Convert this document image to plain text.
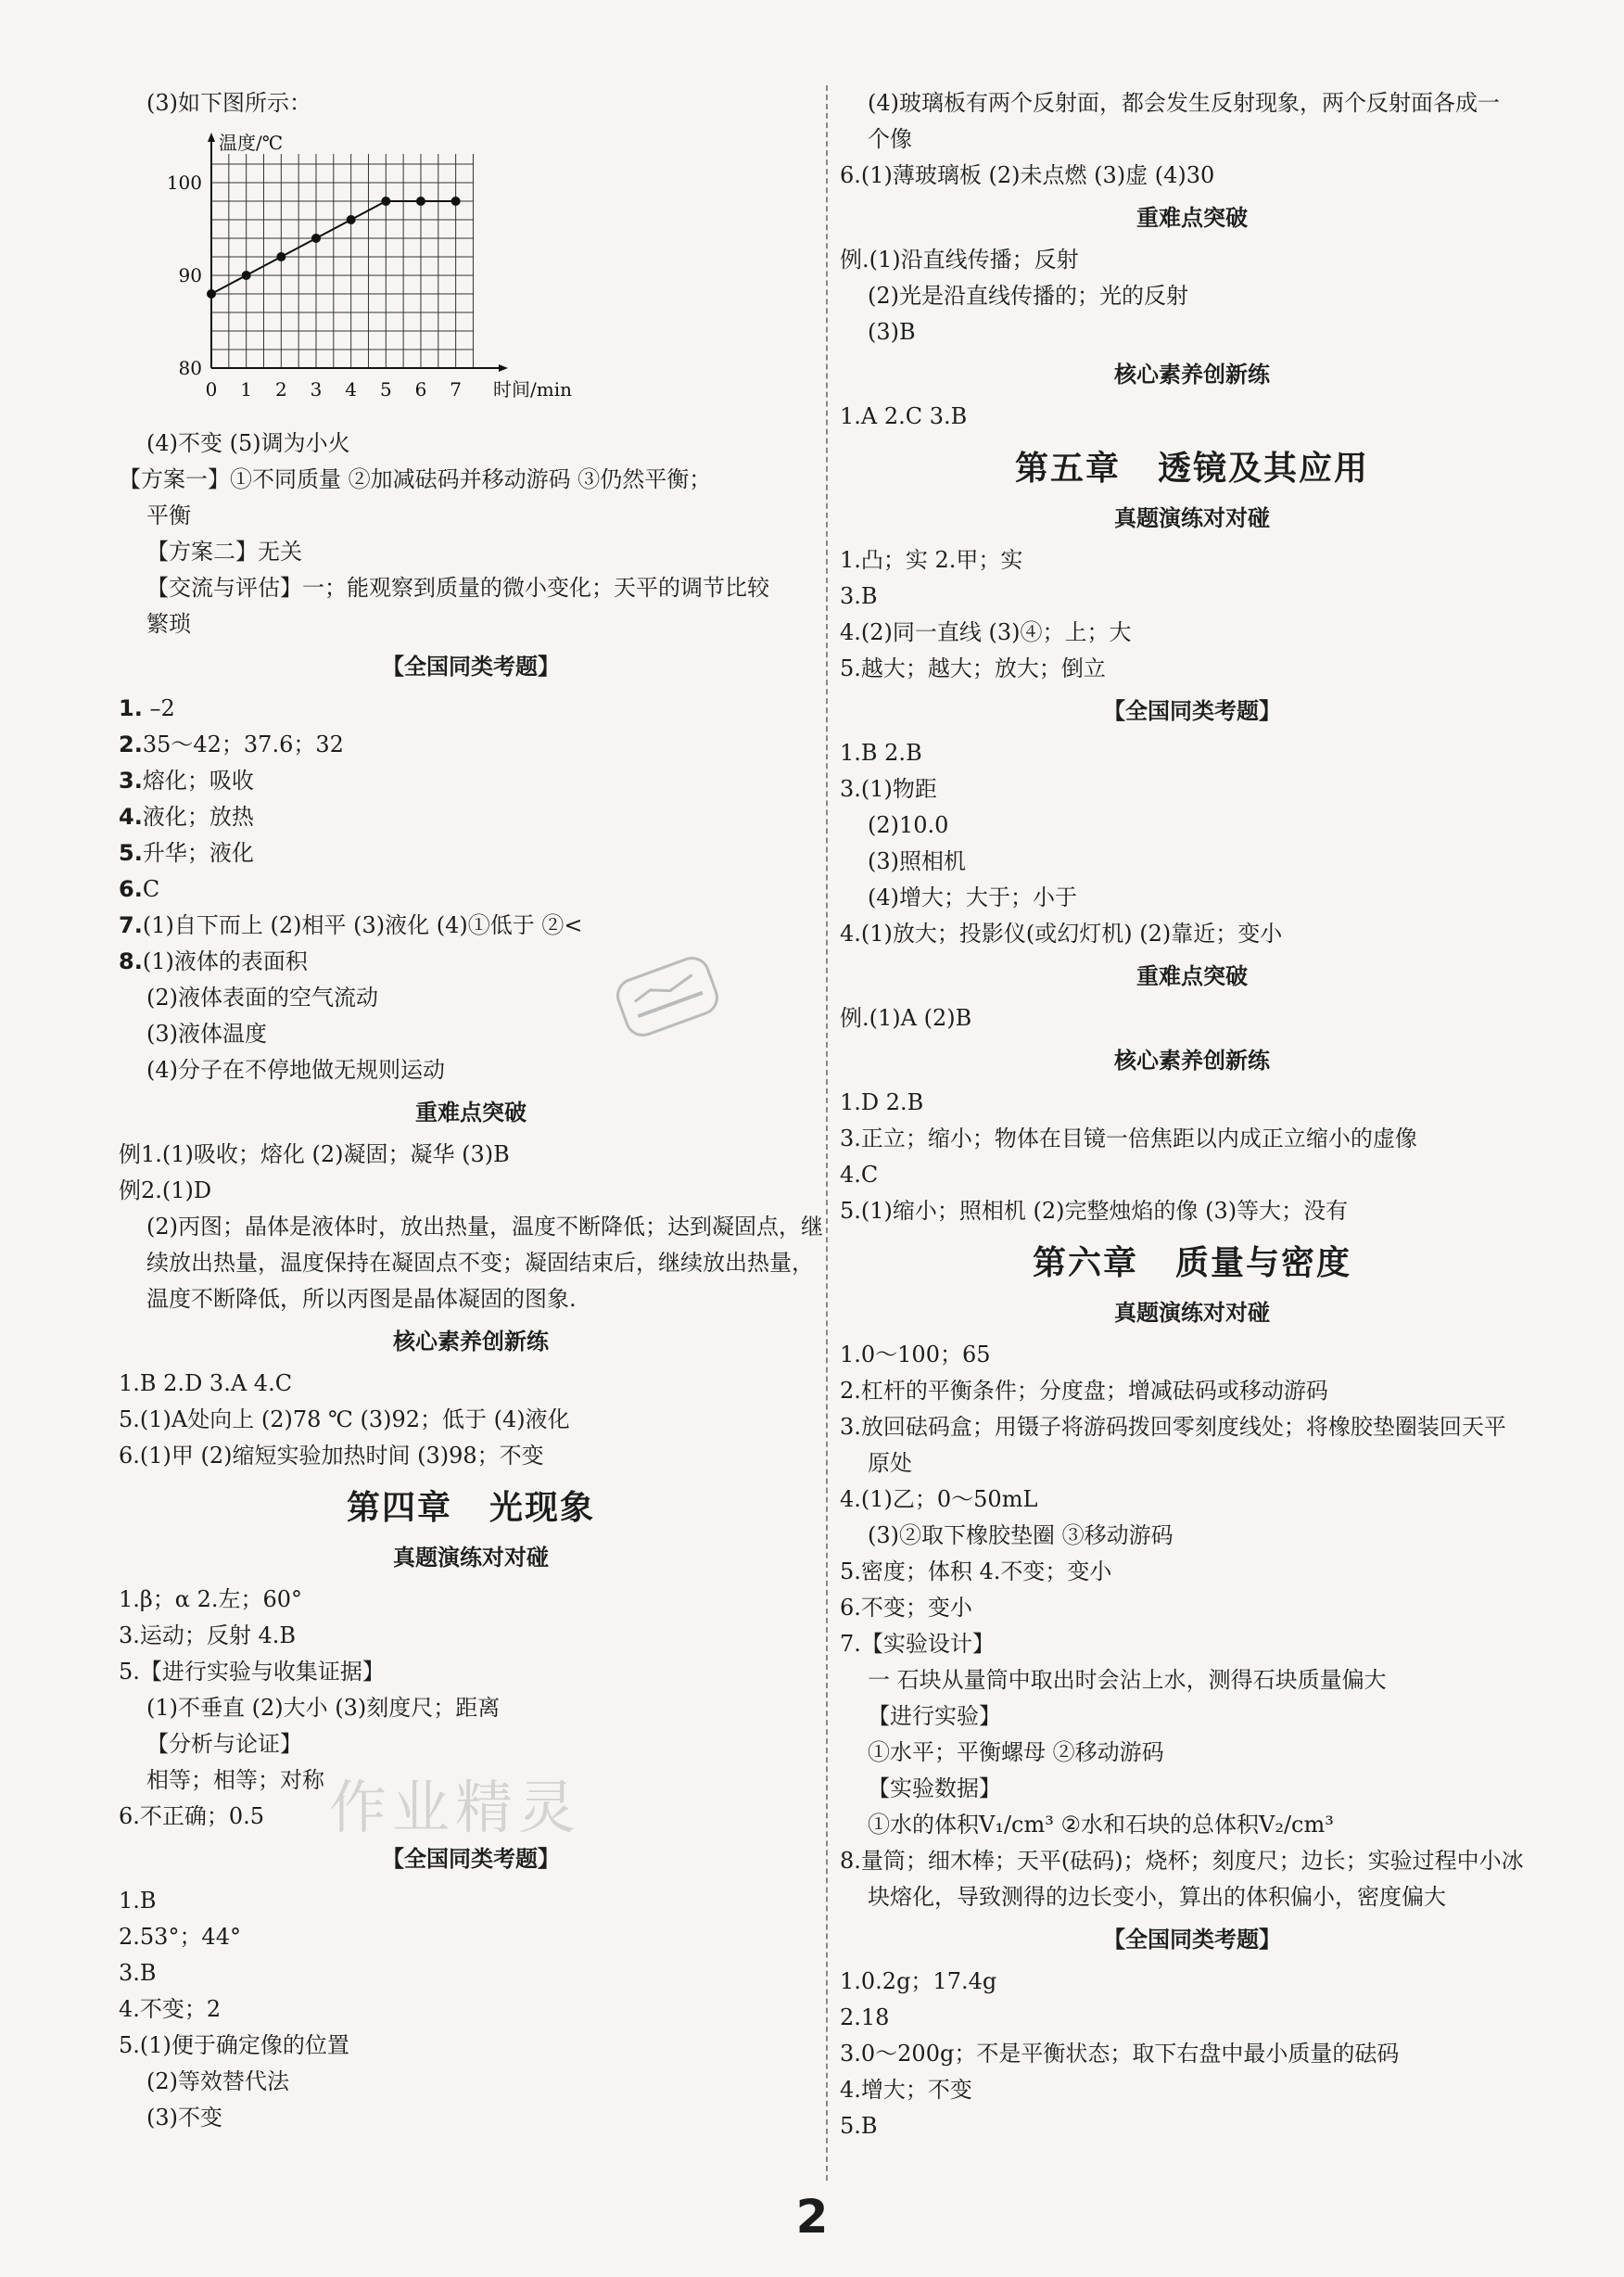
(3)如下图所示：
温度/℃
时间/min
0 1 2 3 4 5 6 7
80
90
100
(4)不变 (5)调为小火
【方案一】①不同质量 ②加减砝码并移动游码 ③仍然平衡；
平衡
【方案二】无关
【交流与评估】一；能观察到质量的微小变化；天平的调节比较
繁琐
【全国同类考题】
1. –2
2.35～42；37.6；32
3.熔化；吸收
4.液化；放热
5.升华；液化
6.C
7.(1)自下而上 (2)相平 (3)液化 (4)①低于 ②<
8.(1)液体的表面积
(2)液体表面的空气流动
(3)液体温度
(4)分子在不停地做无规则运动
重难点突破
例1.(1)吸收；熔化 (2)凝固；凝华 (3)B
例2.(1)D
(2)丙图；晶体是液体时，放出热量，温度不断降低；达到凝固点，继续放出热量，温度保持在凝固点不变；凝固结束后，继续放出热量，温度不断降低，所以丙图是晶体凝固的图象.
核心素养创新练
1.B 2.D 3.A 4.C
5.(1)A处向上 (2)78 ℃ (3)92；低于 (4)液化
6.(1)甲 (2)缩短实验加热时间 (3)98；不变
第四章 光现象
真题演练对对碰
1.β；α 2.左；60°
3.运动；反射 4.B
5.【进行实验与收集证据】
(1)不垂直 (2)大小 (3)刻度尺；距离
【分析与论证】
相等；相等；对称
6.不正确；0.5
【全国同类考题】
1.B
2.53°；44°
3.B
4.不变；2
5.(1)便于确定像的位置
(2)等效替代法
(3)不变
(4)玻璃板有两个反射面，都会发生反射现象，两个反射面各成一
个像
6.(1)薄玻璃板 (2)未点燃 (3)虚 (4)30
重难点突破
例.(1)沿直线传播；反射
(2)光是沿直线传播的；光的反射
(3)B
核心素养创新练
1.A 2.C 3.B
第五章 透镜及其应用
真题演练对对碰
1.凸；实 2.甲；实
3.B
4.(2)同一直线 (3)④；上；大
5.越大；越大；放大；倒立
【全国同类考题】
1.B 2.B
3.(1)物距
(2)10.0
(3)照相机
(4)增大；大于；小于
4.(1)放大；投影仪(或幻灯机) (2)靠近；变小
重难点突破
例.(1)A (2)B
核心素养创新练
1.D 2.B
3.正立；缩小；物体在目镜一倍焦距以内成正立缩小的虚像
4.C
5.(1)缩小；照相机 (2)完整烛焰的像 (3)等大；没有
第六章 质量与密度
真题演练对对碰
1.0～100；65
2.杠杆的平衡条件；分度盘；增减砝码或移动游码
3.放回砝码盒；用镊子将游码拨回零刻度线处；将橡胶垫圈装回天平
原处
4.(1)乙；0～50mL
(3)②取下橡胶垫圈 ③移动游码
5.密度；体积 4.不变；变小
6.不变；变小
7.【实验设计】
一 石块从量筒中取出时会沾上水，测得石块质量偏大
【进行实验】
①水平；平衡螺母 ②移动游码
【实验数据】
①水的体积V₁/cm³ ②水和石块的总体积V₂/cm³
8.量筒；细木棒；天平(砝码)；烧杯；刻度尺；边长；实验过程中小冰
块熔化，导致测得的边长变小，算出的体积偏小，密度偏大
【全国同类考题】
1.0.2g；17.4g
2.18
3.0～200g；不是平衡状态；取下右盘中最小质量的砝码
4.增大；不变
5.B
作业精灵
2
